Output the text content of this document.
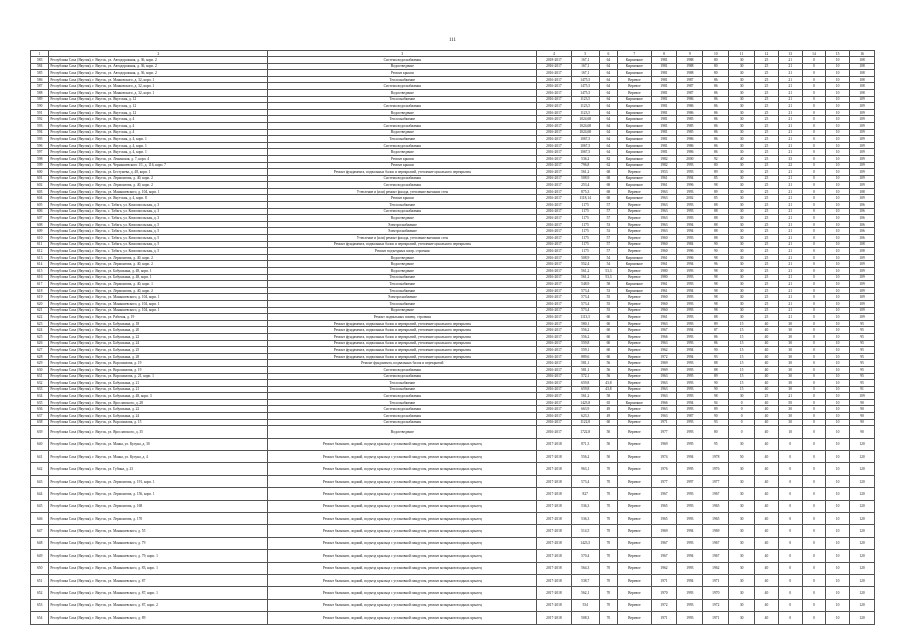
111
1	2	3	4	5	6	7	8	9	10	11	12	13	14	15	16
583	Республика Саха (Якутия), г. Якутск, ул. Автодорожная, д. 36, корп. 2	Система водоснабжения	2018-2017	167,1	64	Кирпичное	1981	1988	80	30	25	21	0	10	108
584	Республика Саха (Якутия), г. Якутск, ул. Автодорожная, д. 36, корп. 2	Водоотведение	2016-2017	167,1	64	Кирпичное	1981	1988	80	30	25	21	0	10	108
585	Республика Саха (Якутия), г. Якутск, ул. Автодорожная, д. 36, корп. 2	Ремонт крыши	2016-2017	167,1	64	Кирпичное	1981	1988	80	30	25	21	0	10	108
586	Республика Саха (Якутия), г. Якутск, ул. Маяковского, д. 32, корп. 1	Теплоснабжение	2016-2017	1475,5	64	Веревое	1981	1987	86	30	25	21	0	10	108
587	Республика Саха (Якутия), г. Якутск, ул. Маяковского, д. 32, корп. 1	Система водоснабжения	2016-2017	1475,5	64	Веревое	1981	1987	86	30	25	21	0	10	108
588	Республика Саха (Якутия), г. Якутск, ул. Маяковского, д. 32, корп. 1	Водоотведение	2016-2017	1475,5	64	Веревое	1981	1987	86	30	25	21	0	10	108
589	Республика Саха (Якутия), г. Якутск, ул. Якутская, д. 12	Теплоснабжение	2016-2017	1123,5	64	Кирпичное	1981	1986	86	30	25	21	0	10	109
590	Республика Саха (Якутия), г. Якутск, ул. Якутская, д. 12	Система водоснабжения	2016-2017	1123,5	64	Кирпичное	1981	1986	86	30	25	21	0	10	109
591	Республика Саха (Якутия), г. Якутск, ул. Якутская, д. 12	Водоотведение	2016-2017	1123,5	64	Кирпичное	1981	1986	86	30	25	21	0	10	109
592	Республика Саха (Якутия), г. Якутск, ул. Якутская, д. 4	Теплоснабжение	2016-2017	1024,68	64	Кирпичное	1981	1985	86	30	25	21	0	10	109
593	Республика Саха (Якутия), г. Якутск, ул. Якутская, д. 4	Система водоснабжения	2016-2017	1024,68	64	Кирпичное	1981	1985	86	30	25	21	0	10	109
594	Республика Саха (Якутия), г. Якутск, ул. Якутская, д. 4	Водоотведение	2016-2017	1024,68	64	Кирпичное	1981	1985	86	30	25	21	0	10	109
595	Республика Саха (Якутия), г. Якутск, ул. Якутская, д. 4, корп. 1	Теплоснабжение	2016-2017	1067,5	64	Кирпичное	1981	1986	86	30	25	21	0	10	109
596	Республика Саха (Якутия), г. Якутск, ул. Якутская, д. 4, корп. 1	Система водоснабжения	2016-2017	1067,5	64	Кирпичное	1981	1986	86	30	25	21	0	10	109
597	Республика Саха (Якутия), г. Якутск, ул. Якутская, д. 4, корп. 1	Водоотведение	2016-2017	1067,5	64	Кирпичное	1981	1986	86	30	25	21	0	10	109
598	Республика Саха (Якутия), г. Якутск, ул. Ленинская, д. 7, корп. 4	Ремонт крыши	2016-2017	536,2	82	Кирпичное	1982	2000	92	40	25	33	0	10	109
599	Республика Саха (Якутия), г. Якутск, ул. Чернышевского 1/1, д. 116, корп. 7	Ремонт крыши	2016-2017	796,8	62	Кирпичное	1982	1993	80	30	25	22	0	10	109
600	Республика Саха (Якутия), г. Якутск, ул. Бестужева, д. 48, корп. 1	Ремонт фундамента, подвальных балок и перекрытий, утепление цокольного перекрытия	2016-2017	561,2	68	Веревое	1953	1993	89	30	25	21	0	10	109
601	Республика Саха (Якутия), г. Якутск, ул. Лермонтова, д. 40, корп. 2	Система водоснабжения	2016-2017	508,9	68	Кирпичное	1961	1994	85	30	25	21	0	10	109
602	Республика Саха (Якутия), г. Якутск, ул. Лермонтова, д. 40, корп. 2	Система водоснабжения	2016-2017	253,4	68	Кирпичное	1961	1996	98	30	25	21	0	10	109
603	Республика Саха (Якутия), г. Якутск, ул. Манышевского, д. 104, корп. 1	Утепление и (или) ремонт фасада, утепление внешних стен	2016-2017	875,3	68	Веревое	1963	1993	89	30	25	21	0	10	108
604	Республика Саха (Якутия), г. Якутск, ул. Якутская, д. 4, корп. 8	Ремонт крыши	2016-2017	1118,14	68	Кирпичное	1963	2002	85	30	25	21	0	10	109
605	Республика Саха (Якутия), г. Якутск, с. Табага, ул. Комсомольская, д. 3	Теплоснабжение	2016-2017	1175	57	Веревое	1963	1993	88	30	25	21	0	10	106
606	Республика Саха (Якутия), г. Якутск, с. Табага, ул. Комсомольская, д. 3	Система водоснабжения	2016-2017	1175	57	Веревое	1963	1993	88	30	25	21	0	10	106
607	Республика Саха (Якутия), г. Якутск, с. Табага, ул. Комсомольская, д. 3	Водоотведение	2016-2017	1175	57	Веревое	1963	1993	88	30	25	21	0	10	106
608	Республика Саха (Якутия), г. Якутск, с. Табага, ул. Комсомольская, д. 5	Электроснабжение	2016-2017	1175	53	Веревое	1963	1994	88	30	25	21	0	10	106
609	Республика Саха (Якутия), г. Якутск, с. Табага, ул. Комсомольская, д. 5	Электроснабжение	2016-2017	1175	53	Веревое	1963	1994	88	30	25	21	0	10	106
610	Республика Саха (Якутия), г. Якутск, с. Табага, ул. Комсомольская, д. 5	Утепление и (или) ремонт фасада, утепление внешних стен	2016-2017	1175	57	Веревое	1960	1993	88	30	25	21	0	10	106
611	Республика Саха (Якутия), г. Якутск, с. Табага, ул. Комсомольская, д. 5	Ремонт фундамента, подвальных балок и перекрытий, утепление цокольного перекрытия	2016-2017	1175	57	Веревое	1960	1984	90	30	25	21	0	10	108
612	Республика Саха (Якутия), г. Якутск, с. Табага, ул. Комсомольская, д. 5	Ремонт подъездных шатр. строения	2016-2017	1175	57	Веревое	1960	1996	90	30	25	21	0	10	108
613	Республика Саха (Якутия), г. Якутск, ул. Лермонтова, д. 40, корп. 2	Водоотведение	2016-2017	508,9	54	Кирпичное	1961	1996	98	30	25	21	0	10	109
614	Республика Саха (Якутия), г. Якутск, ул. Лермонтова, д. 40, корп. 2	Водоотведение	2016-2017	552,4	54	Кирпичное	1961	1994	96	30	25	21	0	10	109
615	Республика Саха (Якутия), г. Якутск, ул. Бабушкина, д. 48, корп. 1	Водоотведение	2016-2017	561,2	53,3	Веревое	1980	1993	98	30	25	21	0	10	109
616	Республика Саха (Якутия), г. Якутск, ул. Бабушкина, д. 48, корп. 1	Теплоснабжение	2016-2017	561,2	53,3	Веревое	1980	1993	98	30	25	21	0	10	109
617	Республика Саха (Якутия), г. Якутск, ул. Лермонтова, д. 40, корп. 1	Теплоснабжение	2016-2017	548,9	58	Кирпичное	1961	1993	98	30	25	21	0	10	109
618	Республика Саха (Якутия), г. Якутск, ул. Лермонтова, д. 40, корп. 2	Теплоснабжение	2016-2017	573,4	53	Кирпичное	1961	1994	98	30	25	21	0	10	109
619	Республика Саха (Якутия), г. Якутск, ул. Манышевского, д. 104, корп. 1	Электроснабжение	2016-2017	573,4	55	Веревое	1960	1993	98	30	25	21	0	10	109
620	Республика Саха (Якутия), г. Якутск, ул. Манышевского, д. 104, корп. 1	Теплоснабжение	2016-2017	573,4	55	Веревое	1960	1993	98	30	25	21	0	10	109
621	Республика Саха (Якутия), г. Якутск, ул. Манышевского, д. 104, корп. 1	Водоотведение	2016-2017	573,4	55	Веревое	1960	1993	98	30	25	21	0	10	109
622	Республика Саха (Якутия), г. Якутск, ул. Рабочая, д. 19	Ремонт подвальных помещ. строения	2016-2017	1113,5	60	Веревое	1961	1993	88	30	25	21	0	10	109
623	Республика Саха (Якутия), г. Якутск, ул. Бабушкина, д. 18	Ремонт фундамента, подвальных балок и перекрытий, утепление цокольного перекрытия	2016-2017	580,1	60	Веревое	1963	1993	89	15	40	30	0	10	95
624	Республика Саха (Якутия), г. Якутск, ул. Бабушкина, д. 20	Ремонт фундамента, подвальных балок и перекрытий, утепление цокольного перекрытия	2016-2017	556,2	60	Веревое	1967	1994	87	15	40	30	0	10	95
625	Республика Саха (Якутия), г. Якутск, ул. Бабушкина, д. 22	Ремонт фундамента, подвальных балок и перекрытий, утепление цокольного перекрытия	2016-2017	556,2	60	Веревое	1966	1993	86	15	40	30	0	10	95
626	Республика Саха (Якутия), г. Якутск, ул. Бабушкина, д. 24	Ремонт фундамента, подвальных балок и перекрытий, утепление цокольного перекрытия	2016-2017	559,8	60	Веревое	1963	1993	86	15	40	30	0	10	95
627	Республика Саха (Якутия), г. Якутск, ул. Бабушкина, д. 25	Ремонт фундамента, подвальных балок и перекрытий, утепление цокольного перекрытия	2016-2017	559,1	60	Веревое	1962	1994	90	15	40	30	0	10	95
628	Республика Саха (Якутия), г. Якутск, ул. Бабушкина, д. 28	Ремонт фундамента, подвальных балок и перекрытий, утепление цокольного перекрытия	2016-2017	889,6	60	Веревое	1972	1994	93	15	40	30	0	10	95
629	Республика Саха (Якутия), г. Якутск, ул. Ворошилова, д. 19	Ремонт фундамента, подвальных балок и перекрытий	2016-2017	581,1	56	Веревое	1969	1993	88	15	40	30	0	10	95
630	Республика Саха (Якутия), г. Якутск, ул. Ворошилова, д. 19	Система водоснабжения	2016-2017	581,1	56	Веревое	1969	1993	88	15	40	30	0	10	95
631	Республика Саха (Якутия), г. Якутск, ул. Ворошилова, д. 21, корп. 1	Система водоснабжения	2016-2017	572,1	56	Веревое	1963	1995	89	15	40	30	0	10	95
632	Республика Саха (Якутия), г. Якутск, ул. Бабушкина, д. 21	Теплоснабжение	2016-2017	659,8	43,8	Веревое	1963	1993	90	15	40	30	0	10	95
633	Республика Саха (Якутия), г. Якутск, ул. Бабушкина, д. 21	Теплоснабжение	2016-2017	659,8	43,8	Веревое	1963	1993	90	15	40	30	0	10	91
634	Республика Саха (Якутия), г. Якутск, ул. Бабушкина, д. 48, корп. 3	Система водоснабжения	2016-2017	561,2	58	Веревое	1963	1993	98	30	25	21	0	10	109
635	Республика Саха (Якутия), г. Якутск, ул. Ярославского, д. 28	Теплоснабжение	2016-2017	1423,8	65	Кирпичное	1966	1994	94	0	40	50	0	10	90
636	Республика Саха (Якутия), г. Якутск, ул. Бабушкина, д. 22	Система водоснабжения	2016-2017	663,9	49	Веревое	1963	1993	89	0	40	30	0	10	90
637	Республика Саха (Якутия), г. Якутск, ул. Бабушкина, д. 24	Система водоснабжения	2016-2017	623,3	49	Веревое	1963	1987	90	0	40	30	0	10	90
638	Республика Саха (Якутия), г. Якутск, ул. Ворошилова, д. 15	Система водоснабжения	2016-2017	1122,8	60	Веревое	1971	1993	93	0	40	30	0	10	90
639	Республика Саха (Якутия), г. Якутск, ул. Ярославского, д. 35	Водоотведение	2016-2017	1722,8	50	Веревое	1977	1993	80	0	40	10	0	10	90
640	Республика Саха (Якутия), г. Якутск, ул. Маяка, ул. Кулуна, д. 30	Ремонт балконов, лоджий, подъезд крыльца с установкой пандусом, ремонт козырьков входных крылец	2017-2018	871,3	50	Веревое	1969	1995	95	30	40	0	0	10	120
641	Республика Саха (Якутия), г. Якутск, ул. Маяка, ул. Кулуна, д. 4	Ремонт балконов, лоджий, подъезд крыльца с установкой пандусом, ремонт козырьков входных крылец	2017-2018	556,2	50	Веревое	1974	1994	1978	50	40	0	0	10	120
642	Республика Саха (Якутия), г. Якутск, ул. Губина, д. 23	Ремонт балконов, лоджий, подъезд крыльца с установкой пандусом, ремонт козырьков входных крылец	2017-2018	963,1	70	Веревое	1976	1995	1976	30	40	0	0	10	120
643	Республика Саха (Якутия), г. Якутск, ул. Лермонтова, д. 191, корп. 1	Ремонт балконов, лоджий, подъезд крыльца с установкой пандусом, ремонт козырьков входных крылец	2017-2018	573,4	70	Веревое	1977	1997	1977	30	40	0	0	10	120
644	Республика Саха (Якутия), г. Якутск, ул. Лермонтова, д. 156, корп. 1	Ремонт балконов, лоджий, подъезд крыльца с установкой пандусом, ремонт козырьков входных крылец	2017-2018	827	70	Веревое	1967	1993	1967	30	40	0	0	10	120
645	Республика Саха (Якутия), г. Якутск, ул. Лермонтова, д. 168	Ремонт балконов, лоджий, подъезд крыльца с установкой пандусом, ремонт козырьков входных крылец	2017-2018	536,3	70	Веревое	1965	1993	1965	30	40	0	0	10	120
646	Республика Саха (Якутия), г. Якутск, ул. Лермонтова, д. 170	Ремонт балконов, лоджий, подъезд крыльца с установкой пандусом, ремонт козырьков входных крылец	2017-2018	536,3	70	Веревое	1965	1993	1965	30	40	0	0	10	120
647	Республика Саха (Якутия), г. Якутск, ул. Манышевского, д. 55	Ремонт балконов, лоджий, подъезд крыльца с установкой пандусом, ремонт козырьков входных крылец	2017-2018	514,5	70	Веревое	1969	1994	1969	30	40	0	0	10	120
648	Республика Саха (Якутия), г. Якутск, ул. Манышевского, д. 79	Ремонт балконов, лоджий, подъезд крыльца с установкой пандусом, ремонт козырьков входных крылец	2017-2018	1423,5	70	Веревое	1967	1993	1967	30	40	0	0	10	120
649	Республика Саха (Якутия), г. Якутск, ул. Манышевского, д. 79, корп. 1	Ремонт балконов, лоджий, подъезд крыльца с установкой пандусом, ремонт козырьков входных крылец	2017-2018	570,4	70	Веревое	1967	1994	1967	30	40	0	0	10	120
650	Республика Саха (Якутия), г. Якутск, ул. Манышевского, д. 83, корп. 1	Ремонт балконов, лоджий, подъезд крыльца с установкой пандусом, ремонт козырьков входных крылец	2017-2018	564,3	70	Веревое	1962	1993	1962	30	40	0	0	10	120
651	Республика Саха (Якутия), г. Якутск, ул. Манышевского, д. 87	Ремонт балконов, лоджий, подъезд крыльца с установкой пандусом, ремонт козырьков входных крылец	2017-2018	538,7	70	Веревое	1971	1994	1971	30	40	0	0	10	120
652	Республика Саха (Якутия), г. Якутск, ул. Манышевского, д. 87, корп. 1	Ремонт балконов, лоджий, подъезд крыльца с установкой пандусом, ремонт козырьков входных крылец	2017-2018	562,1	70	Веревое	1970	1993	1970	30	40	0	0	10	120
653	Республика Саха (Якутия), г. Якутск, ул. Манышевского, д. 87, корп. 2	Ремонт балконов, лоджий, подъезд крыльца с установкой пандусом, ремонт козырьков входных крылец	2017-2018	554	70	Веревое	1972	1993	1972	30	40	0	0	10	120
654	Республика Саха (Якутия), г. Якутск, ул. Манышевского, д. 89	Ремонт балконов, лоджий, подъезд крыльца с установкой пандусом, ремонт козырьков входных крылец	2017-2018	508,3	70	Веревое	1971	1993	1971	30	40	0	0	10	120
